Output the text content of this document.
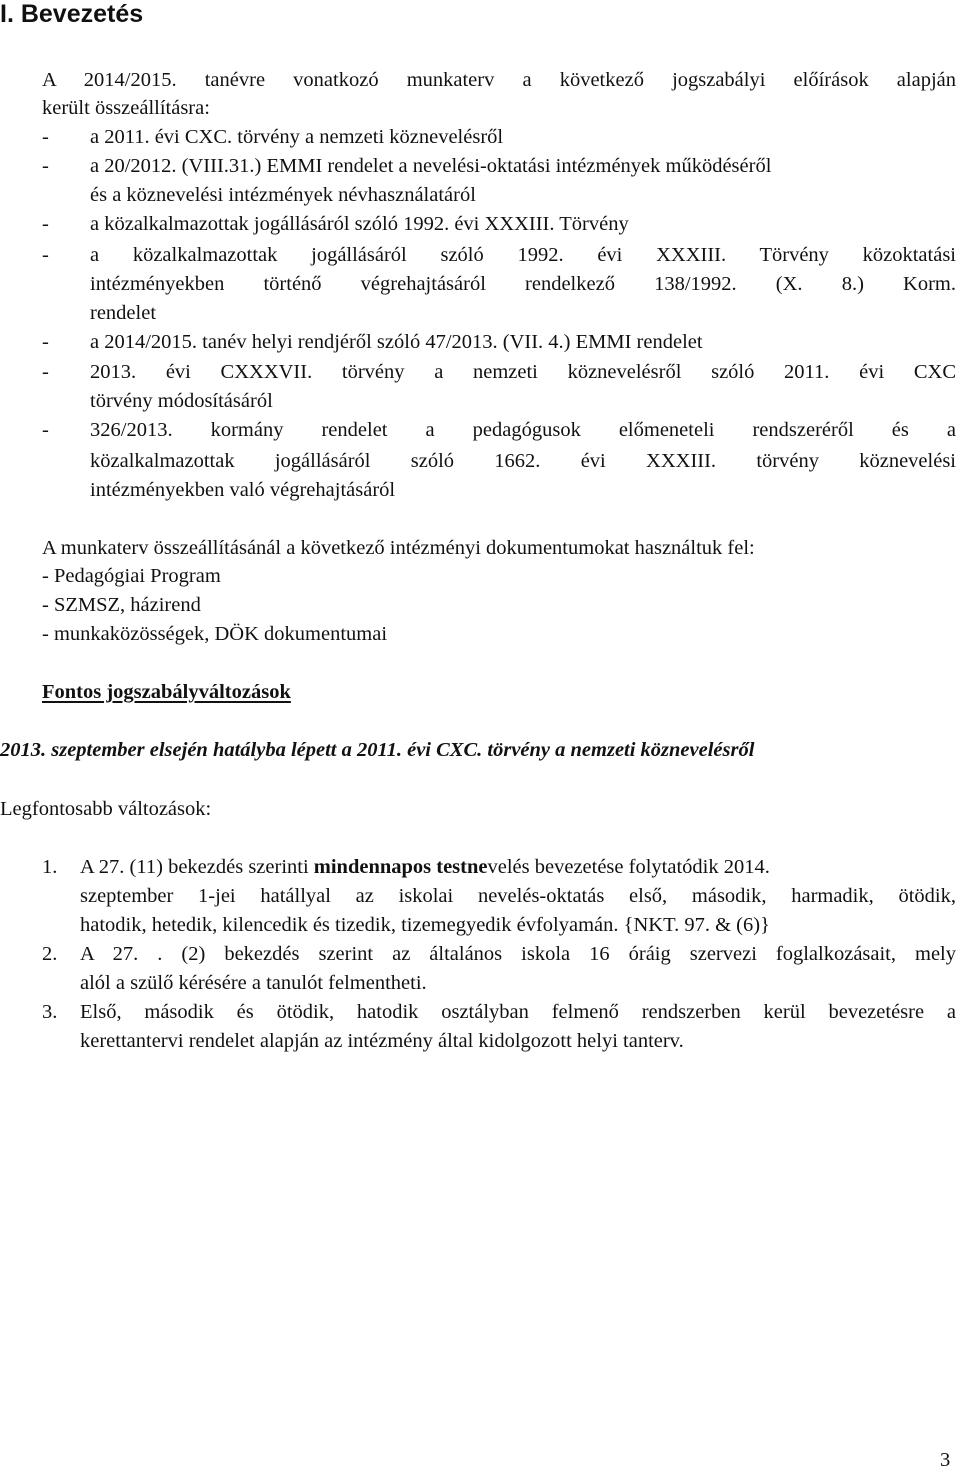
I. Bevezetés
A 2014/2015. tanévre vonatkozó munkaterv a következő jogszabályi előírások alapján
került összeállításra:
- a 2011. évi CXC. törvény a nemzeti köznevelésről
- a 20/2012. (VIII.31.) EMMI rendelet a nevelési-oktatási intézmények működéséről
és a köznevelési intézmények névhasználatáról
- a közalkalmazottak jogállásáról szóló 1992. évi XXXIII. Törvény
- a közalkalmazottak jogállásáról szóló 1992. évi XXXIII. Törvény közoktatási
intézményekben történő végrehajtásáról rendelkező 138/1992. (X. 8.) Korm.
rendelet
- a 2014/2015. tanév helyi rendjéről szóló 47/2013. (VII. 4.) EMMI rendelet
- 2013. évi CXXXVII. törvény a nemzeti köznevelésről szóló 2011. évi CXC
törvény módosításáról
- 326/2013. kormány rendelet a pedagógusok előmeneteli rendszeréről és a
közalkalmazottak jogállásáról szóló 1662. évi XXXIII. törvény köznevelési
intézményekben való végrehajtásáról
A munkaterv összeállításánál a következő intézményi dokumentumokat használtuk fel:
- Pedagógiai Program
- SZMSZ, házirend
- munkaközösségek, DÖK dokumentumai
Fontos jogszabályváltozások
2013. szeptember elsején hatályba lépett a 2011. évi CXC. törvény a nemzeti köznevelésről
Legfontosabb változások:
1. A 27. (11) bekezdés szerinti mindennapos testnevelés bevezetése folytatódik 2014.
szeptember 1-jei hatállyal az iskolai nevelés-oktatás első, második, harmadik, ötödik,
hatodik, hetedik, kilencedik és tizedik, tizemegyedik évfolyamán. {NKT. 97. & (6)}
2. A 27. . (2) bekezdés szerint az általános iskola 16 óráig szervezi foglalkozásait, mely
alól a szülő kérésére a tanulót felmentheti.
3. Első, második és ötödik, hatodik osztályban felmenő rendszerben kerül bevezetésre a
kerettantervi rendelet alapján az intézmény által kidolgozott helyi tanterv.
3
